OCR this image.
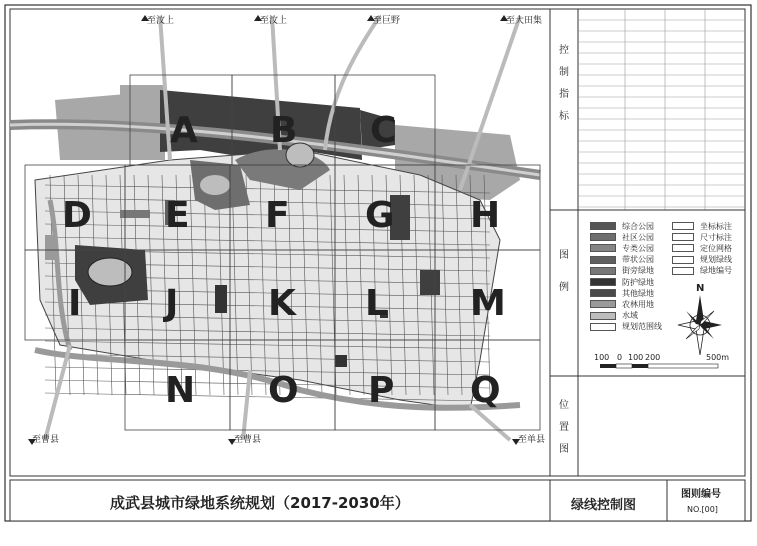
A B C
D E F G H
I J K L M
N O P Q
至汶上	至汶上	至巨野	至大田集
至曹县	至曹县	至单县
控
制
指
标
图
例
位
置
图
综合公园
社区公园
专类公园
带状公园
街旁绿地
防护绿地
其他绿地
农林用地
水域
规划范围线
坐标标注
尺寸标注
定位网格
规划绿线
绿地编号
N
100 0 100 200	500m
成武县城市绿地系统规划（2017-2030年）	绿线控制图
图则编号
NO.[00]
